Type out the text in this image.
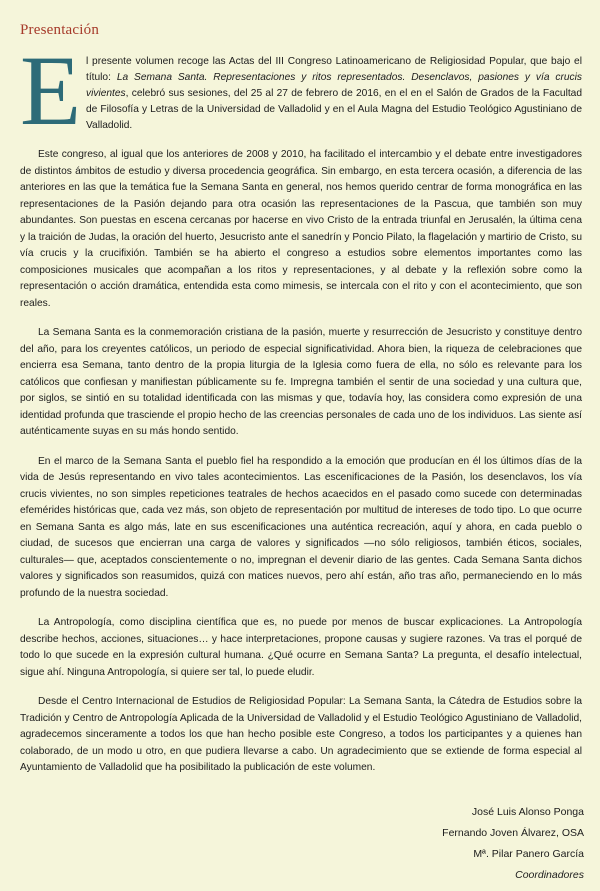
Presentación
E l presente volumen recoge las Actas del III Congreso Latinoamericano de Religiosidad Popular, que bajo el título: La Semana Santa. Representaciones y ritos representados. Desenclavos, pasiones y vía crucis vivientes, celebró sus sesiones, del 25 al 27 de febrero de 2016, en el en el Salón de Grados de la Facultad de Filosofía y Letras de la Universidad de Valladolid y en el Aula Magna del Estudio Teológico Agustiniano de Valladolid.

Este congreso, al igual que los anteriores de 2008 y 2010, ha facilitado el intercambio y el debate entre investigadores de distintos ámbitos de estudio y diversa procedencia geográfica. Sin embargo, en esta tercera ocasión, a diferencia de las anteriores en las que la temática fue la Semana Santa en general, nos hemos querido centrar de forma monográfica en las representaciones de la Pasión dejando para otra ocasión las representaciones de la Pascua, que también son muy abundantes. Son puestas en escena cercanas por hacerse en vivo Cristo de la entrada triunfal en Jerusalén, la última cena y la traición de Judas, la oración del huerto, Jesucristo ante el sanedrín y Poncio Pilato, la flagelación y martirio de Cristo, su vía crucis y la crucifixión. También se ha abierto el congreso a estudios sobre elementos importantes como las composiciones musicales que acompañan a los ritos y representaciones, y al debate y la reflexión sobre como la representación o acción dramática, entendida esta como mimesis, se intercala con el rito y con el acontecimiento, que son reales.

La Semana Santa es la conmemoración cristiana de la pasión, muerte y resurrección de Jesucristo y constituye dentro del año, para los creyentes católicos, un periodo de especial significatividad. Ahora bien, la riqueza de celebraciones que encierra esa Semana, tanto dentro de la propia liturgia de la Iglesia como fuera de ella, no sólo es relevante para los católicos que confiesan y manifiestan públicamente su fe. Impregna también el sentir de una sociedad y una cultura que, por siglos, se sintió en su totalidad identificada con las mismas y que, todavía hoy, las considera como expresión de una identidad profunda que trasciende el propio hecho de las creencias personales de cada uno de los individuos. Las siente así auténticamente suyas en su más hondo sentido.

En el marco de la Semana Santa el pueblo fiel ha respondido a la emoción que producían en él los últimos días de la vida de Jesús representando en vivo tales acontecimientos. Las escenificaciones de la Pasión, los desenclavos, los vía crucis vivientes, no son simples repeticiones teatrales de hechos acaecidos en el pasado como sucede con determinadas efemérides históricas que, cada vez más, son objeto de representación por multitud de intereses de todo tipo. Lo que ocurre en Semana Santa es algo más, late en sus escenificaciones una auténtica recreación, aquí y ahora, en cada pueblo o ciudad, de sucesos que encierran una carga de valores y significados —no sólo religiosos, también éticos, sociales, culturales— que, aceptados conscientemente o no, impregnan el devenir diario de las gentes. Cada Semana Santa dichos valores y significados son reasumidos, quizá con matices nuevos, pero ahí están, año tras año, permaneciendo en lo más profundo de la nuestra sociedad.

La Antropología, como disciplina científica que es, no puede por menos de buscar explicaciones. La Antropología describe hechos, acciones, situaciones… y hace interpretaciones, propone causas y sugiere razones. Va tras el porqué de todo lo que sucede en la expresión cultural humana. ¿Qué ocurre en Semana Santa? La pregunta, el desafío intelectual, sigue ahí. Ninguna Antropología, si quiere ser tal, lo puede eludir.

Desde el Centro Internacional de Estudios de Religiosidad Popular: La Semana Santa, la Cátedra de Estudios sobre la Tradición y Centro de Antropología Aplicada de la Universidad de Valladolid y el Estudio Teológico Agustiniano de Valladolid, agradecemos sinceramente a todos los que han hecho posible este Congreso, a todos los participantes y a quienes han colaborado, de un modo u otro, en que pudiera llevarse a cabo. Un agradecimiento que se extiende de forma especial al Ayuntamiento de Valladolid que ha posibilitado la publicación de este volumen.

José Luis Alonso Ponga
Fernando Joven Álvarez, OSA
Mª. Pilar Panero García
Coordinadores
